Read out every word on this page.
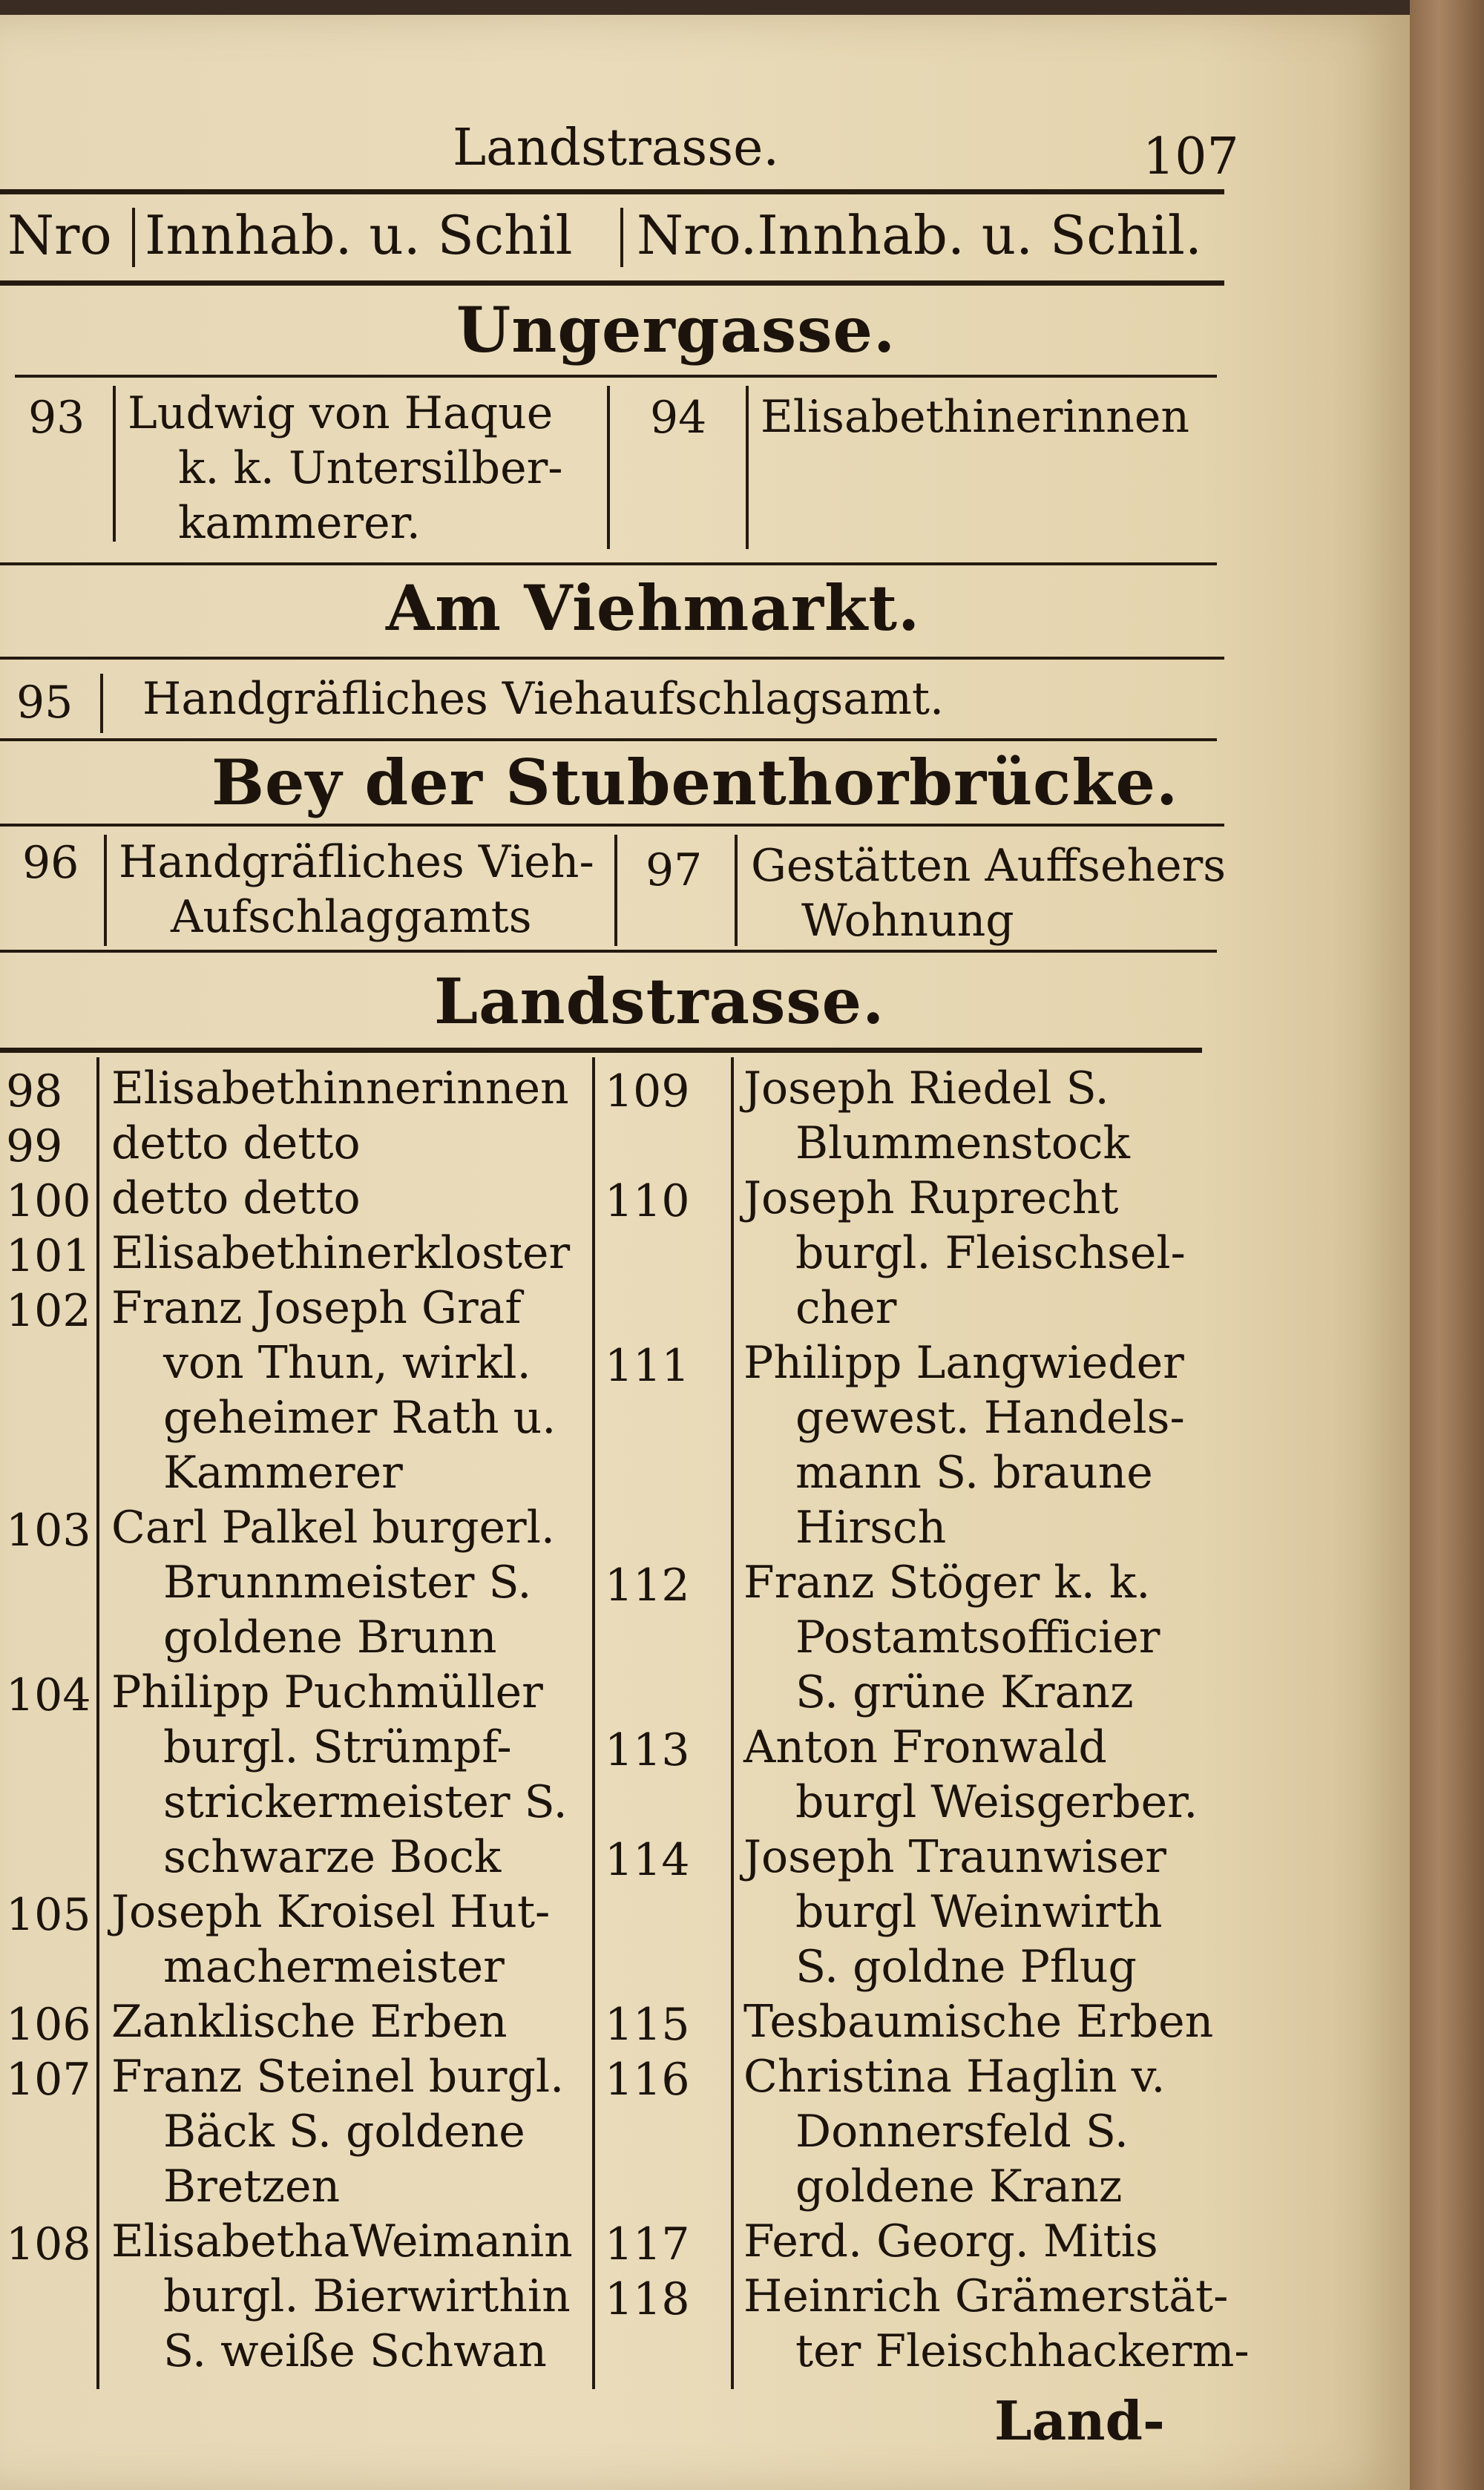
Landstrasse.	107
Nro Innhab. u. Schil Nro.Innhab. u. Schil.
Ungergasse.
93 Ludwig von Haque
k. k. Untersilber-
kammerer.
94 Elisabethinerinnen
Am Viehmarkt.
95 Handgräfliches Viehaufschlagsamt.
Bey der Stubenthorbrücke.
96 Handgräfliches Vieh-
Aufschlaggamts
97 Gestätten Auffsehers
Wohnung
Landstrasse.
98 Elisabethinnerinnen
99 detto detto
100 detto detto
101 Elisabethinerkloster
102 Franz Joseph Graf
von Thun, wirkl.
geheimer Rath u.
Kammerer
103 Carl Palkel burgerl.
Brunnmeister S.
goldene Brunn
104 Philipp Puchmüller
burgl. Strümpf-
strickermeister S.
schwarze Bock
105 Joseph Kroisel Hut-
machermeister
106 Zanklische Erben
107 Franz Steinel burgl.
Bäck S. goldene
Bretzen
108 ElisabethaWeimanin
burgl. Bierwirthin
S. weiße Schwan
109 Joseph Riedel S.
Blummenstock
110 Joseph Ruprecht
burgl. Fleischsel-
cher
111 Philipp Langwieder
gewest. Handels-
mann S. braune
Hirsch
112 Franz Stöger k. k.
Postamtsofficier
S. grüne Kranz
113 Anton Fronwald
burgl Weisgerber.
114 Joseph Traunwiser
burgl Weinwirth
S. goldne Pflug
115 Tesbaumische Erben
116 Christina Haglin v.
Donnersfeld S.
goldene Kranz
117 Ferd. Georg. Mitis
118 Heinrich Grämerstät-
ter Fleischhackerm-
Land-
